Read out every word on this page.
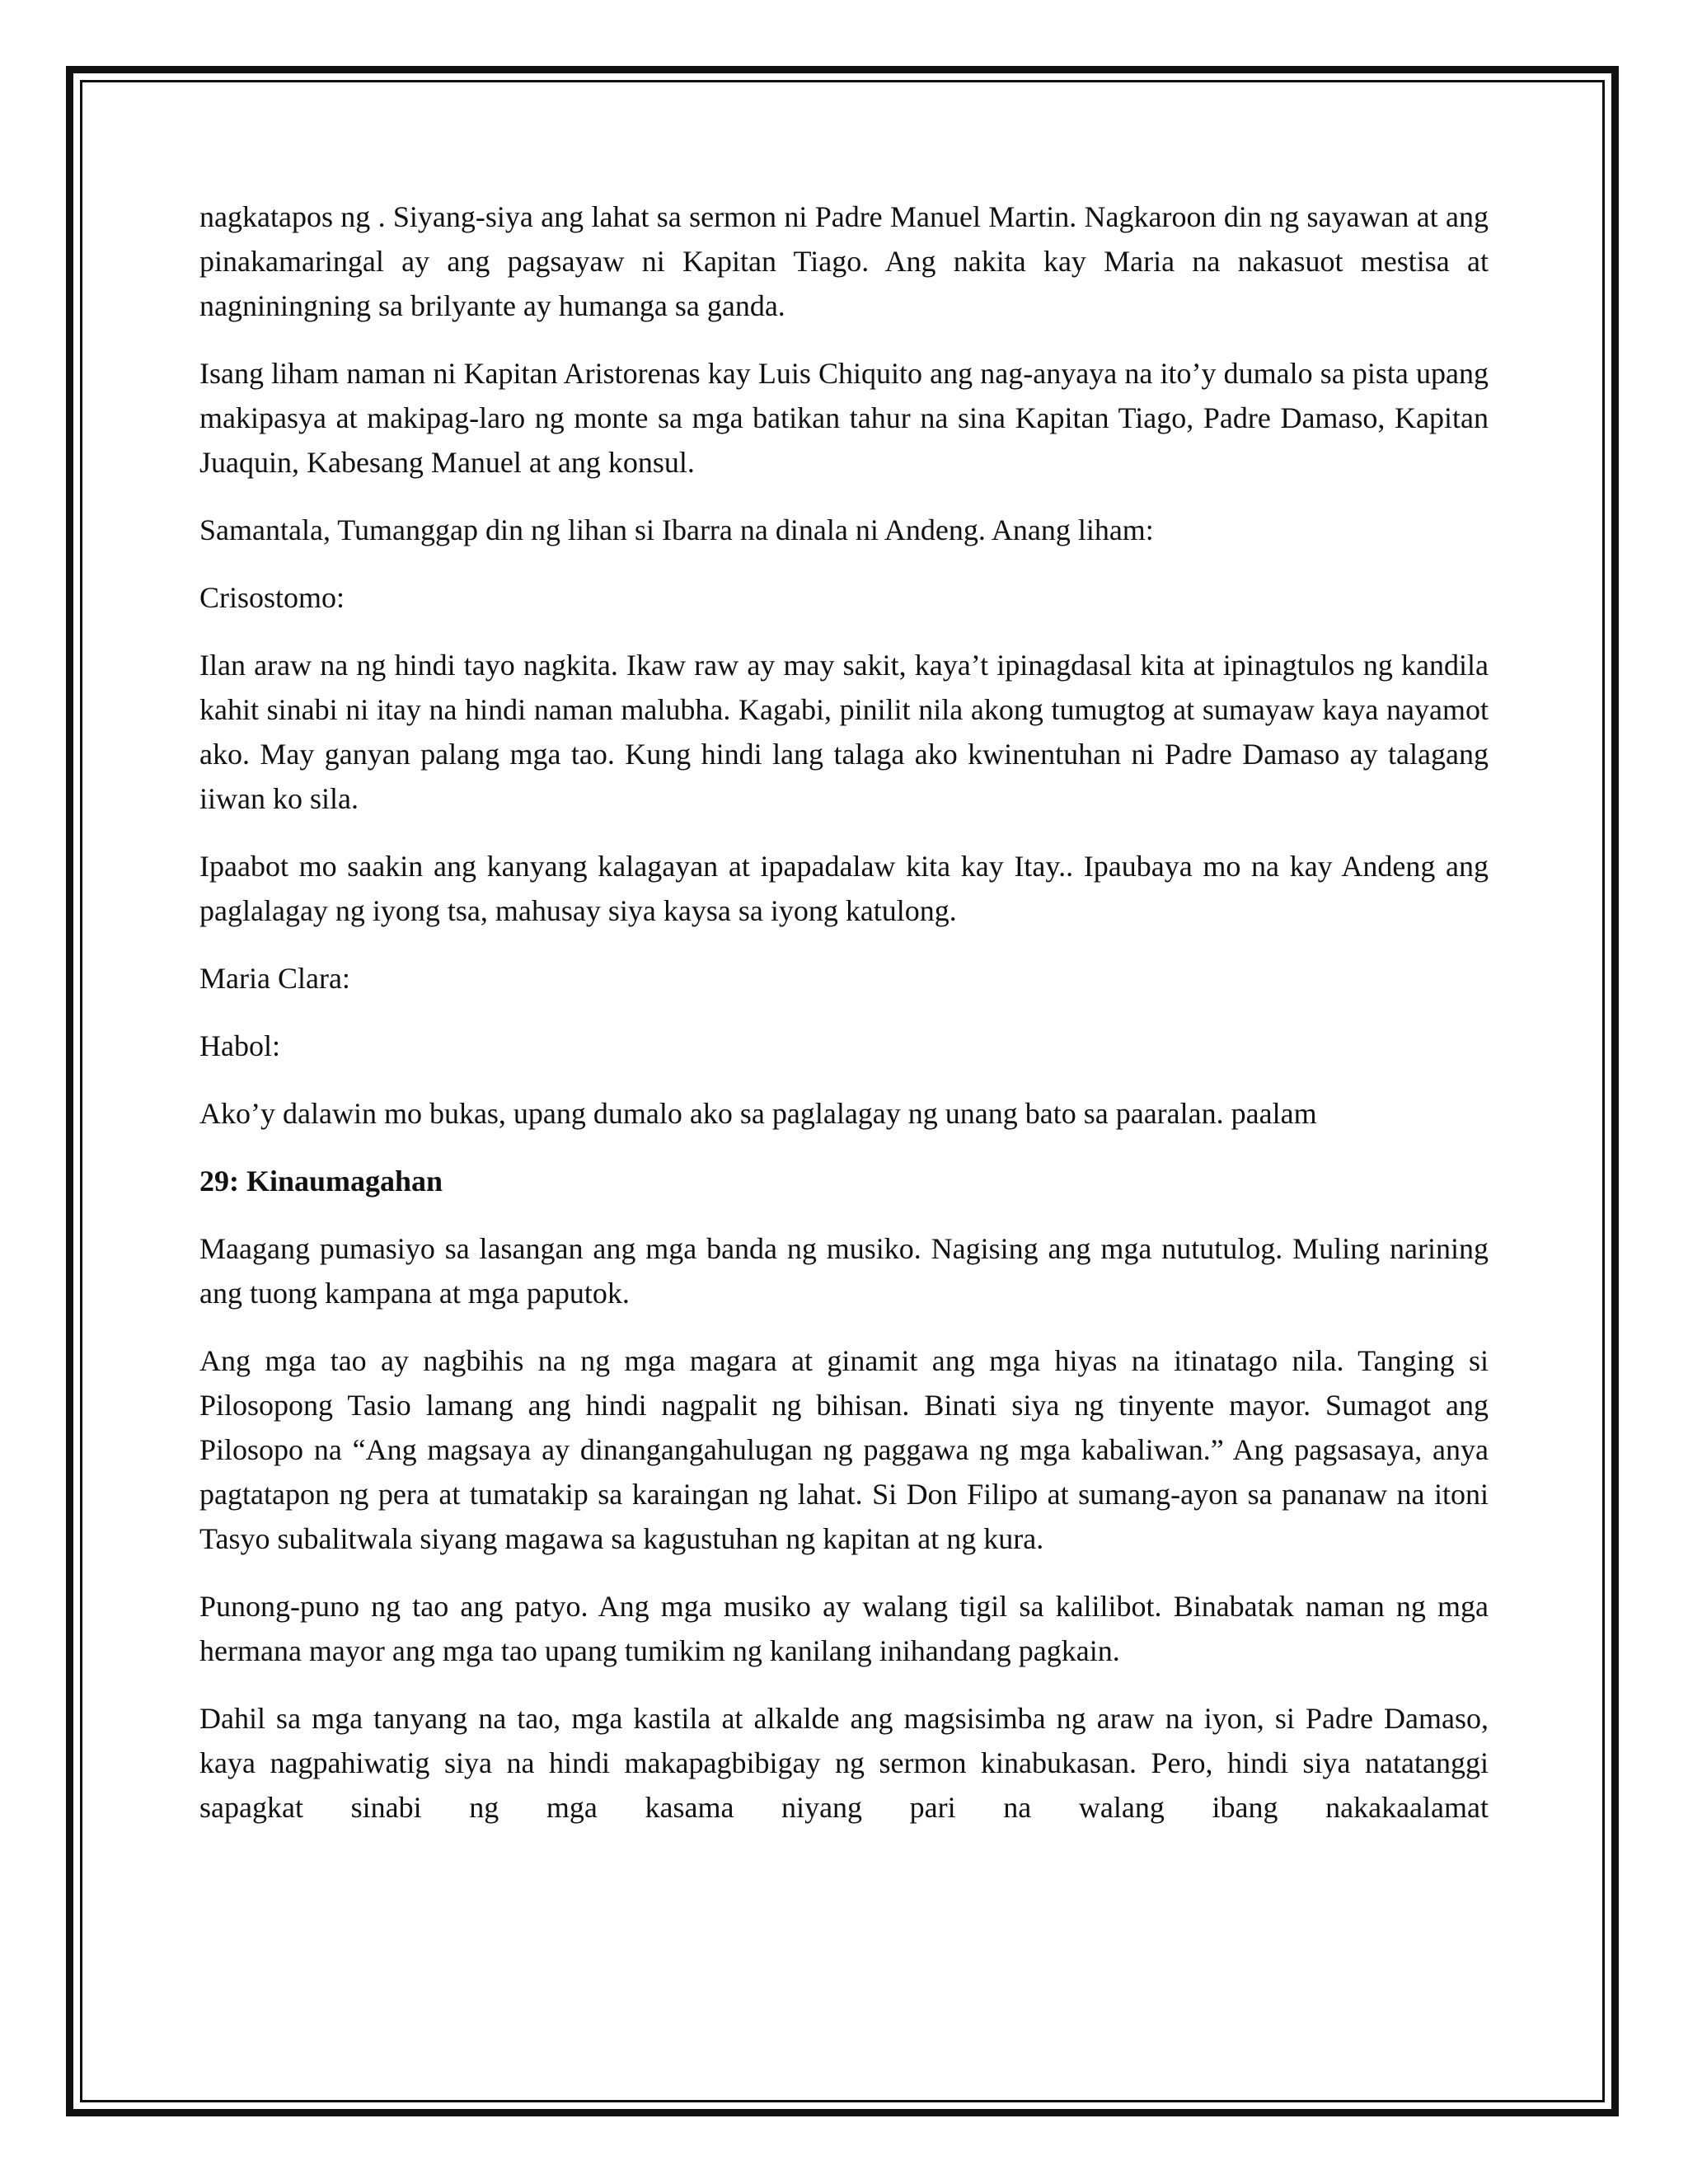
nagkatapos ng . Siyang-siya ang lahat sa sermon ni Padre Manuel Martin. Nagkaroon din ng sayawan at ang pinakamaringal ay ang pagsayaw ni Kapitan Tiago. Ang nakita kay Maria na nakasuot mestisa at nagniningning sa brilyante ay humanga sa ganda.

Isang liham naman ni Kapitan Aristorenas kay Luis Chiquito ang nag-anyaya na ito’y dumalo sa pista upang makipasya at makipag-laro ng monte sa mga batikan tahur na sina Kapitan Tiago, Padre Damaso, Kapitan Juaquin, Kabesang Manuel at ang konsul.

Samantala, Tumanggap din ng lihan si Ibarra na dinala ni Andeng. Anang liham:

Crisostomo:

Ilan araw na ng hindi tayo nagkita. Ikaw raw ay may sakit, kaya’t ipinagdasal kita at ipinagtulos ng kandila kahit sinabi ni itay na hindi naman malubha. Kagabi, pinilit nila akong tumugtog at sumayaw kaya nayamot ako. May ganyan palang mga tao. Kung hindi lang talaga ako kwinentuhan ni Padre Damaso ay talagang iiwan ko sila.

Ipaabot mo saakin ang kanyang kalagayan at ipapadalaw kita kay Itay.. Ipaubaya mo na kay Andeng ang paglalagay ng iyong tsa, mahusay siya kaysa sa iyong katulong.

Maria Clara:

Habol:

Ako’y dalawin mo bukas, upang dumalo ako sa paglalagay ng unang bato sa paaralan. paalam

29: Kinaumagahan

Maagang pumasiyo sa lasangan ang mga banda ng musiko. Nagising ang mga nututulog. Muling narining ang tuong kampana at mga paputok.

Ang mga tao ay nagbihis na ng mga magara at ginamit ang mga hiyas na itinatago nila. Tanging si Pilosopong Tasio lamang ang hindi nagpalit ng bihisan. Binati siya ng tinyente mayor. Sumagot ang Pilosopo na “Ang magsaya ay dinangangahulugan ng paggawa ng mga kabaliwan.” Ang pagsasaya, anya pagtatapon ng pera at tumatakip sa karaingan ng lahat. Si Don Filipo at sumang-ayon sa pananaw na itoni Tasyo subalitwala siyang magawa sa kagustuhan ng kapitan at ng kura.

Punong-puno ng tao ang patyo. Ang mga musiko ay walang tigil sa kalilibot. Binabatak naman ng mga hermana mayor ang mga tao upang tumikim ng kanilang inihandang pagkain.

Dahil sa mga tanyang na tao, mga kastila at alkalde ang magsisimba ng araw na iyon, si Padre Damaso, kaya nagpahiwatig siya na hindi makapagbibigay ng sermon kinabukasan. Pero, hindi siya natatanggi sapagkat sinabi ng mga kasama niyang pari na walang ibang nakakaalamat
